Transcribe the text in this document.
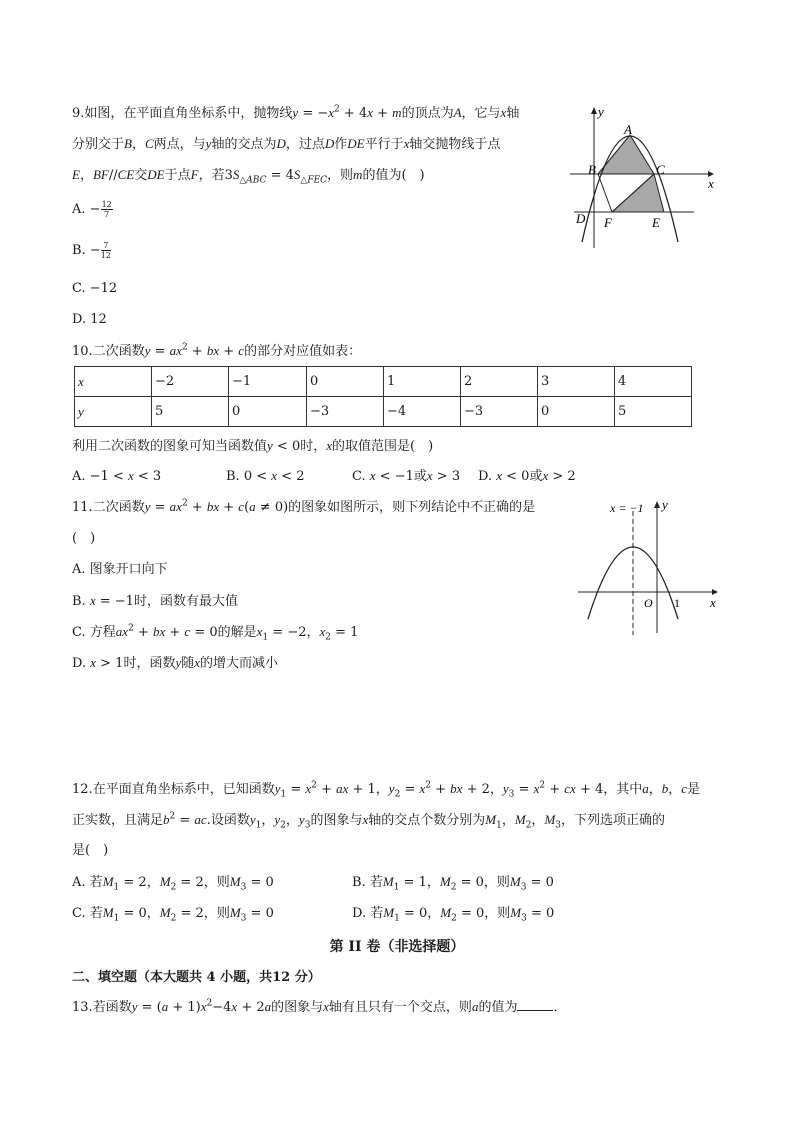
9.如图，在平面直角坐标系中，抛物线$y = -x^2 + 4x + m$的顶点为A，它与x轴
分别交于B，C两点，与y轴的交点为D，过点D作DE平行于x轴交抛物线于点
E，BF//CE交DE于点F，若$3S_{\triangle ABC} = 4S_{\triangle FEC}$，则m的值为(　)
A. − $\frac{12}{7}$
B. − $\frac{7}{12}$
C. −12
D. 12
y
x
A
B	C
D	E
F
10.二次函数$y = ax^2$ + bx + c的部分对应值如表：
x	−2	−1	0	1	2	3	4
y	5	0	−3	−4	−3	0	5
利用二次函数的图象可知当函数值y < 0时，x的取值范围是(　)
A. −1 < x < 3	B. 0 < x < 2	C. x < −1或x > 3 D. x < 0或x > 2
11.二次函数$y = ax^2$ + bx + c(a ≠ 0)的图象如图所示，则下列结论中不正确的是
(　)
A. 图象开口向下
B. x = −1时，函数有最大值
C. 方程$ax^2$ + bx + c = 0的解是$x_1 = -2$，$x_2 = 1$
D. x > 1时，函数y随x的增大而减小
x = −1 y
x
O 1
12.在平面直角坐标系中，已知函数$y_1 = x^2$ + ax + 1，$y_2 = x^2$ + bx + 2，$y_3 = x^2$ + cx + 4，其中a，b，c是
正实数，且满足$b^2$ = ac.设函数$y_1$，$y_2$，$y_3$的图象与x轴的交点个数分别为$M_1$，$M_2$，$M_3$，下列选项正确的
是(　)
A. 若$M_1 = 2$，$M_2 = 2$，则$M_3 = 0$	B. 若$M_1 = 1$，$M_2 = 0$，则$M_3 = 0$
C. 若$M_1 = 0$，$M_2 = 2$，则$M_3 = 0$	D. 若$M_1 = 0$，$M_2 = 0$，则$M_3 = 0$
第 II 卷（非选择题）
二、填空题（本大题共 4 小题，共12 分）
13.若函数$y = (a + 1)x^2-4x + 2a$的图象与x轴有且只有一个交点，则a的值为	．
